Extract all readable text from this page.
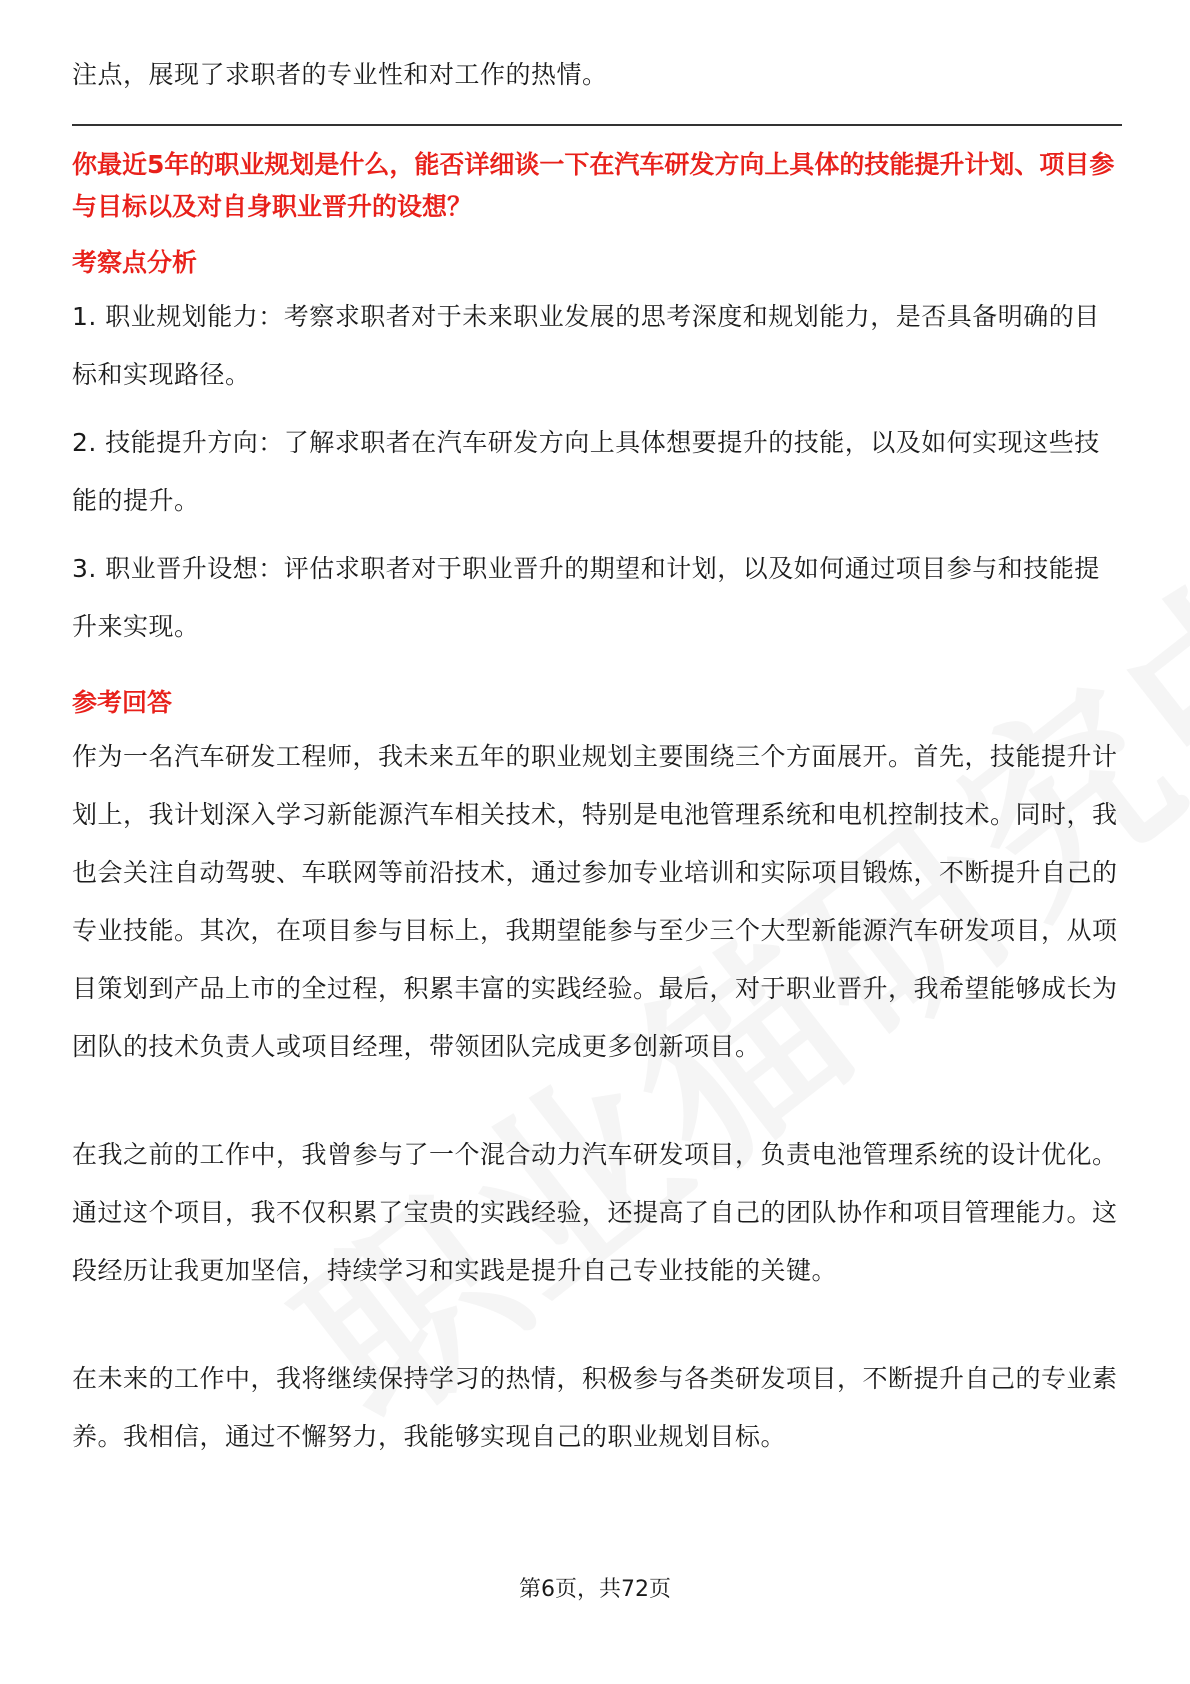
注点，展现了求职者的专业性和对工作的热情。

你最近5年的职业规划是什么，能否详细谈一下在汽车研发方向上具体的技能提升计划、项目参与目标以及对自身职业晋升的设想？

考察点分析

1. 职业规划能力：考察求职者对于未来职业发展的思考深度和规划能力，是否具备明确的目标和实现路径。

2. 技能提升方向：了解求职者在汽车研发方向上具体想要提升的技能，以及如何实现这些技能的提升。

3. 职业晋升设想：评估求职者对于职业晋升的期望和计划，以及如何通过项目参与和技能提升来实现。

参考回答

作为一名汽车研发工程师，我未来五年的职业规划主要围绕三个方面展开。首先，技能提升计划上，我计划深入学习新能源汽车相关技术，特别是电池管理系统和电机控制技术。同时，我也会关注自动驾驶、车联网等前沿技术，通过参加专业培训和实际项目锻炼，不断提升自己的专业技能。其次，在项目参与目标上，我期望能参与至少三个大型新能源汽车研发项目，从项目策划到产品上市的全过程，积累丰富的实践经验。最后，对于职业晋升，我希望能够成长为团队的技术负责人或项目经理，带领团队完成更多创新项目。

在我之前的工作中，我曾参与了一个混合动力汽车研发项目，负责电池管理系统的设计优化。通过这个项目，我不仅积累了宝贵的实践经验，还提高了自己的团队协作和项目管理能力。这段经历让我更加坚信，持续学习和实践是提升自己专业技能的关键。

在未来的工作中，我将继续保持学习的热情，积极参与各类研发项目，不断提升自己的专业素养。我相信，通过不懈努力，我能够实现自己的职业规划目标。

第6页，共72页
